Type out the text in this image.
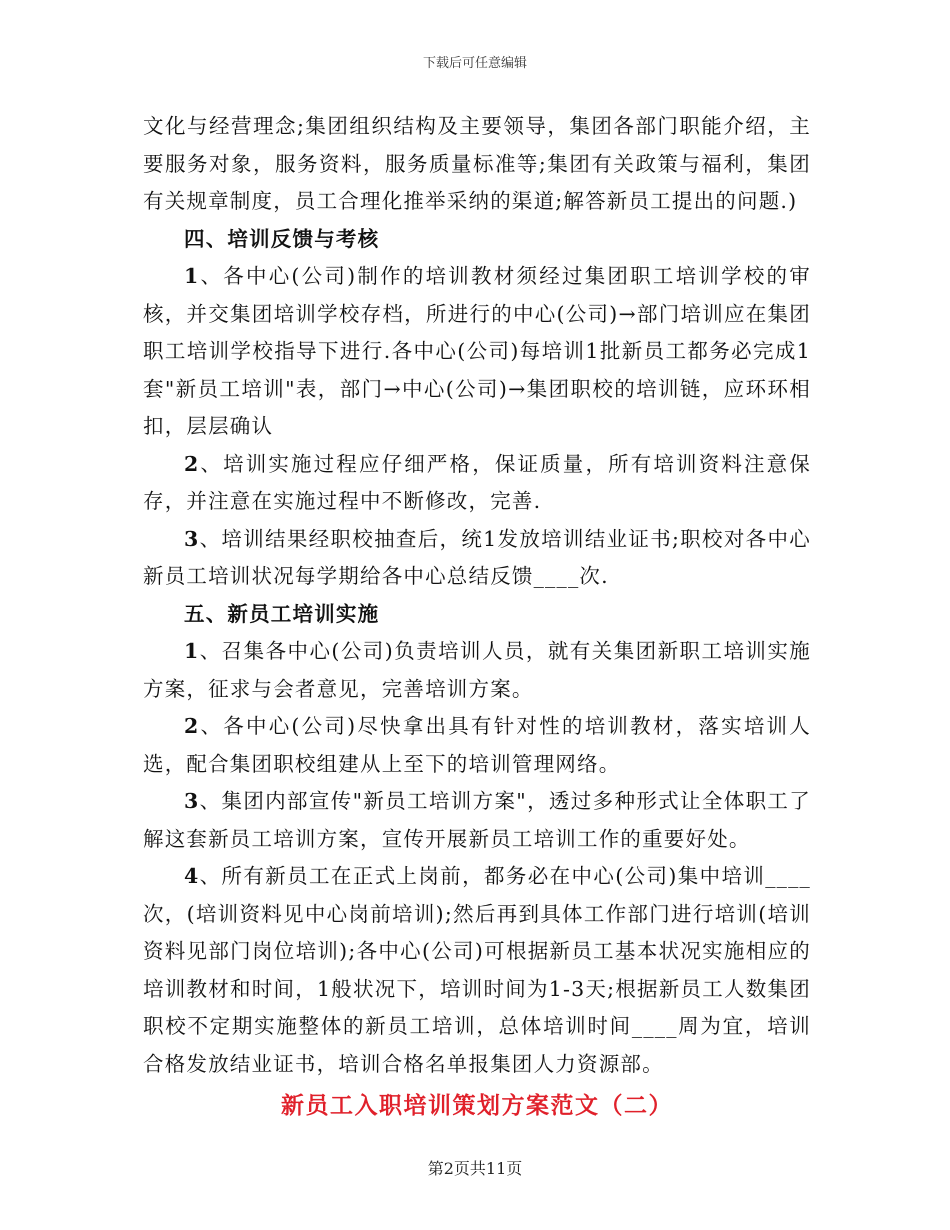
下载后可任意编辑

文化与经营理念;集团组织结构及主要领导，集团各部门职能介绍，主要服务对象，服务资料，服务质量标准等;集团有关政策与福利，集团有关规章制度，员工合理化推举采纳的渠道;解答新员工提出的问题.)

四、培训反馈与考核

1、各中心(公司)制作的培训教材须经过集团职工培训学校的审核，并交集团培训学校存档，所进行的中心(公司)→部门培训应在集团职工培训学校指导下进行.各中心(公司)每培训1批新员工都务必完成1套"新员工培训"表，部门→中心(公司)→集团职校的培训链，应环环相扣，层层确认

2、培训实施过程应仔细严格，保证质量，所有培训资料注意保存，并注意在实施过程中不断修改，完善.

3、培训结果经职校抽查后，统1发放培训结业证书;职校对各中心新员工培训状况每学期给各中心总结反馈____次.

五、新员工培训实施

1、召集各中心(公司)负责培训人员，就有关集团新职工培训实施方案，征求与会者意见，完善培训方案。

2、各中心(公司)尽快拿出具有针对性的培训教材，落实培训人选，配合集团职校组建从上至下的培训管理网络。

3、集团内部宣传"新员工培训方案"，透过多种形式让全体职工了解这套新员工培训方案，宣传开展新员工培训工作的重要好处。

4、所有新员工在正式上岗前，都务必在中心(公司)集中培训____次，(培训资料见中心岗前培训);然后再到具体工作部门进行培训(培训资料见部门岗位培训);各中心(公司)可根据新员工基本状况实施相应的培训教材和时间，1般状况下，培训时间为1-3天;根据新员工人数集团职校不定期实施整体的新员工培训，总体培训时间____周为宜，培训合格发放结业证书，培训合格名单报集团人力资源部。

新员工入职培训策划方案范文（二）

第2页共11页
